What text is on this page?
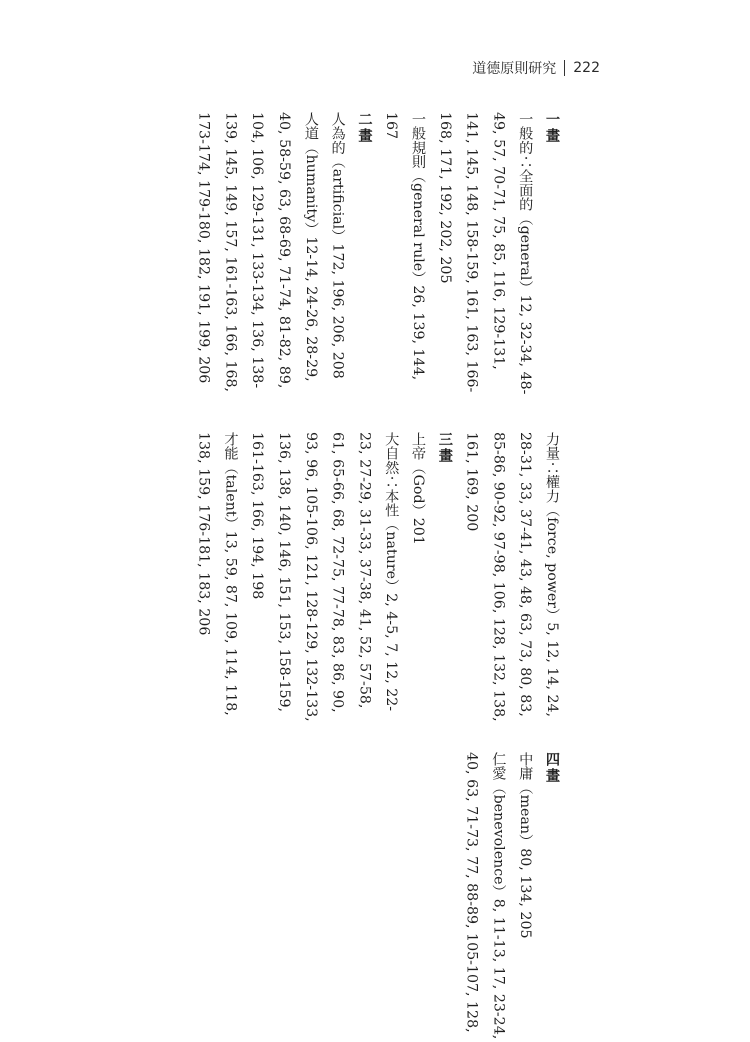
道德原則研究 222
一畫
一般的∴全面的（general）12, 32-34, 48-49, 57, 70-71, 75, 85, 116, 129-131, 141, 145, 148, 158-159, 161, 163, 166-168, 171, 192, 202, 205
一般規則（general rule）26, 139, 144, 167
二畫
人為的（artificial）172, 196, 206, 208
人道（humanity）12-14, 24-26, 28-29, 40, 58-59, 63, 68-69, 71-74, 81-82, 89, 104, 106, 129-131, 133-134, 136, 138-139, 145, 149, 157, 161-163, 166, 168, 173-174, 179-180, 182, 191, 199, 206
力量∴權力（force, power）5, 12, 14, 24, 28-31, 33, 37-41, 43, 48, 63, 73, 80, 83, 85-86, 90-92, 97-98, 106, 128, 132, 138, 161, 169, 200
三畫
上帝（God）201
大自然∴本性（nature）2, 4-5, 7, 12, 22-23, 27-29, 31-33, 37-38, 41, 52, 57-58, 61, 65-66, 68, 72-75, 77-78, 83, 86, 90, 93, 96, 105-106, 121, 128-129, 132-133, 136, 138, 140, 146, 151, 153, 158-159, 161-163, 166, 194, 198
才能（talent）13, 59, 87, 109, 114, 118, 138, 159, 176-181, 183, 206
四畫
中庸（mean）80, 134, 205
仁愛（benevolence）8, 11-13, 17, 23-24, 40, 63, 71-73, 77, 88-89, 105-107, 128,
